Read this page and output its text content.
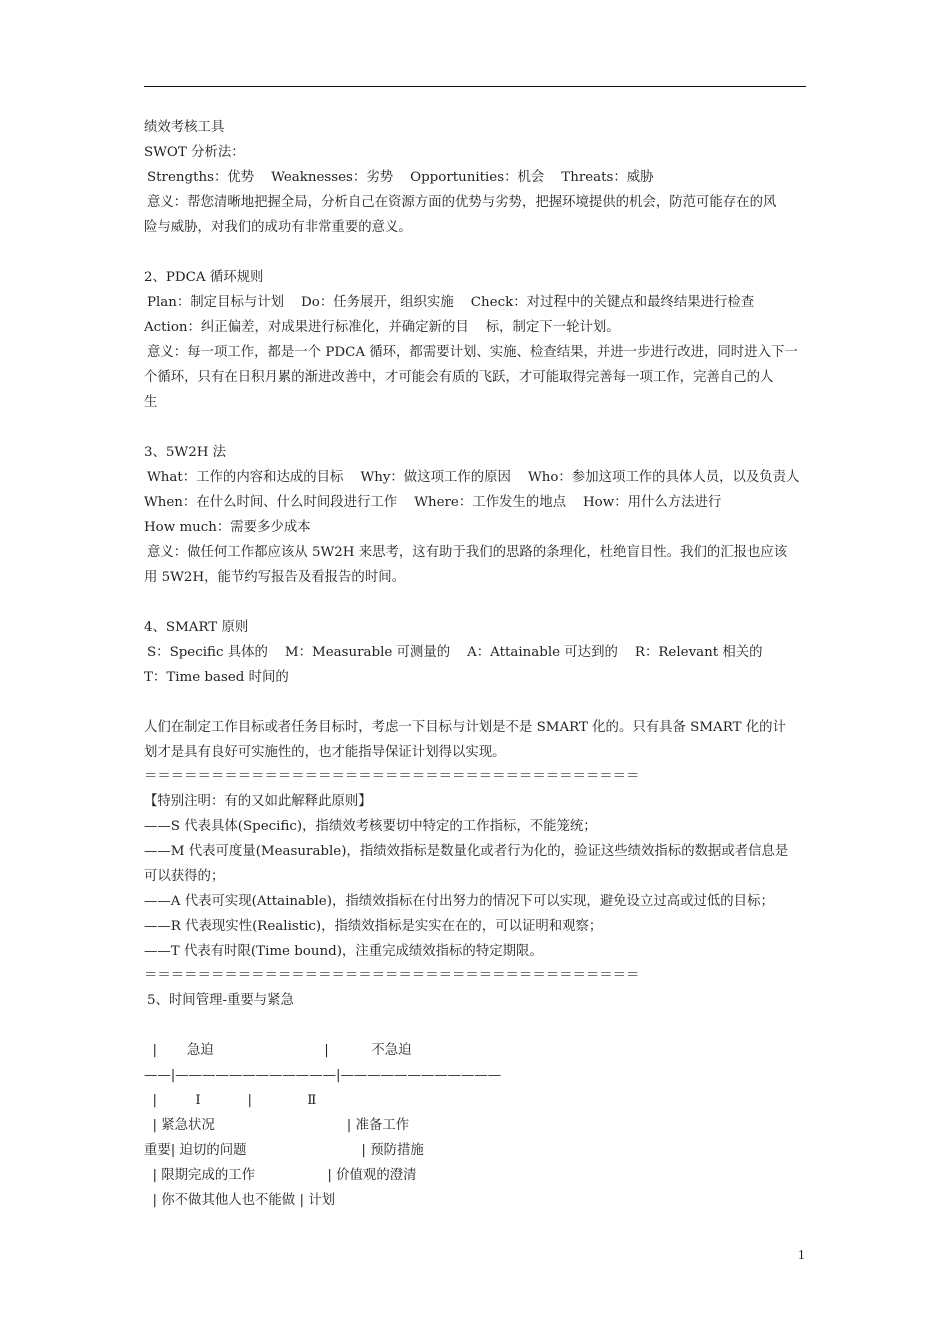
绩效考核工具
SWOT 分析法：
Strengths：优势    Weaknesses：劣势    Opportunities：机会    Threats：威胁
意义：帮您清晰地把握全局，分析自己在资源方面的优势与劣势，把握环境提供的机会，防范可能存在的风
险与威胁，对我们的成功有非常重要的意义。
2、PDCA 循环规则
Plan：制定目标与计划    Do：任务展开，组织实施    Check：对过程中的关键点和最终结果进行检查
Action：纠正偏差，对成果进行标准化，并确定新的目    标，制定下一轮计划。
意义：每一项工作，都是一个 PDCA 循环，都需要计划、实施、检查结果，并进一步进行改进，同时进入下一
个循环，只有在日积月累的渐进改善中，才可能会有质的飞跃，才可能取得完善每一项工作，完善自己的人
生
3、5W2H 法
What：工作的内容和达成的目标    Why：做这项工作的原因    Who：参加这项工作的具体人员，以及负责人
When：在什么时间、什么时间段进行工作    Where：工作发生的地点    How：用什么方法进行
How much：需要多少成本
意义：做任何工作都应该从 5W2H 来思考，这有助于我们的思路的条理化，杜绝盲目性。我们的汇报也应该
用 5W2H，能节约写报告及看报告的时间。
4、SMART 原则
S：Specific 具体的    M：Measurable 可测量的    A：Attainable 可达到的    R：Relevant 相关的
T：Time based 时间的
人们在制定工作目标或者任务目标时，考虑一下目标与计划是不是 SMART 化的。只有具备 SMART 化的计
划才是具有良好可实施性的，也才能指导保证计划得以实现。
＝＝＝＝＝＝＝＝＝＝＝＝＝＝＝＝＝＝＝＝＝＝＝＝＝＝＝＝＝＝＝＝＝＝＝＝＝
【特别注明：有的又如此解释此原则】
——S 代表具体(Specific)，指绩效考核要切中特定的工作指标，不能笼统；
——M 代表可度量(Measurable)，指绩效指标是数量化或者行为化的，验证这些绩效指标的数据或者信息是
可以获得的；
——A 代表可实现(Attainable)，指绩效指标在付出努力的情况下可以实现，避免设立过高或过低的目标；
——R 代表现实性(Realistic)，指绩效指标是实实在在的，可以证明和观察；
——T 代表有时限(Time bound)，注重完成绩效指标的特定期限。
＝＝＝＝＝＝＝＝＝＝＝＝＝＝＝＝＝＝＝＝＝＝＝＝＝＝＝＝＝＝＝＝＝＝＝＝＝
5、时间管理-重要与紧急
|       急迫                          |          不急迫
——|————————————|————————————
|         Ⅰ           |             Ⅱ
| 紧急状况                               | 准备工作
重要| 迫切的问题                           | 预防措施
| 限期完成的工作                 | 价值观的澄清
| 你不做其他人也不能做 | 计划
1
